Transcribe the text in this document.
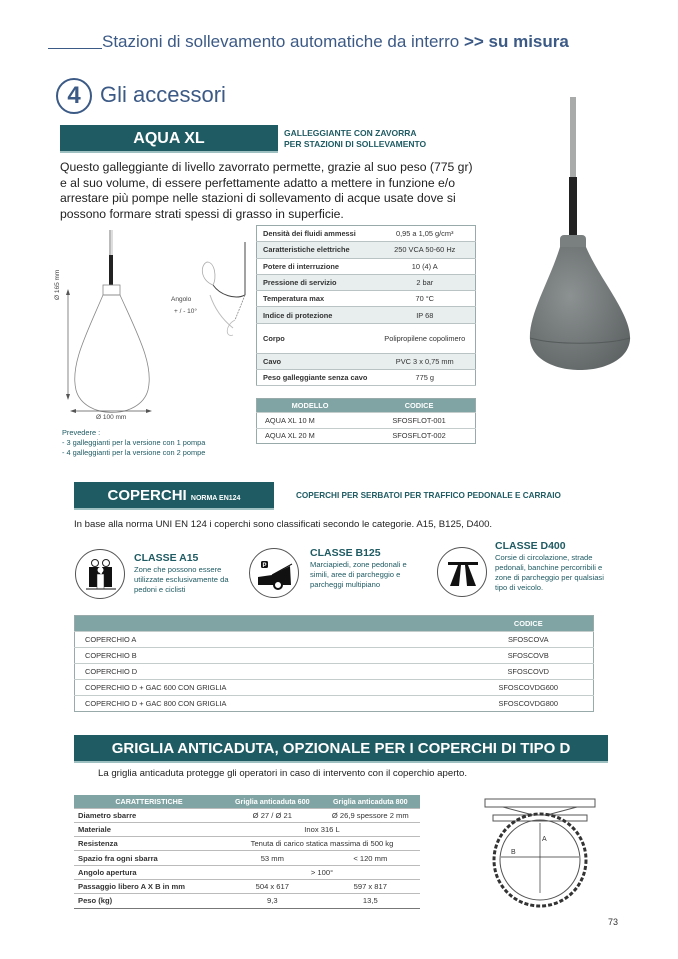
Stazioni di sollevamento automatiche da interro >> su misura
4 Gli accessori
AQUA XL	GALLEGGIANTE CON ZAVORRA
PER STAZIONI DI SOLLEVAMENTO
Questo galleggiante di livello zavorrato permette, grazie al suo peso (775 gr) e al suo volume, di essere perfettamente adatto a mettere in funzione e/o arrestare più pompe nelle stazioni di sollevamento di acque usate dove si possono formare strati spessi di grasso in superficie.
Ø 165 mm
Ø 100 mm
Angolo
+ / - 10°
Densità dei fluidi ammessi	0,95 a 1,05 g/cm³
Caratteristiche elettriche	250 VCA 50-60 Hz
Potere di interruzione	10 (4) A
Pressione di servizio	2 bar
Temperatura max	70 °C
Indice di protezione	IP 68
Corpo	Polipropilene copolimero
Cavo	PVC 3 x 0,75 mm
Peso galleggiante senza cavo	775 g
MODELLO	CODICE
AQUA XL 10 M	SFOSFLOT-001
AQUA XL 20 M	SFOSFLOT-002
Prevedere :
- 3 galleggianti per la versione con 1 pompa
- 4 galleggianti per la versione con 2 pompe
COPERCHI NORMA EN124	COPERCHI PER SERBATOI PER TRAFFICO PEDONALE E CARRAIO
In base alla norma UNI EN 124 i coperchi sono classificati secondo le categorie. A15, B125, D400.
CLASSE A15
Zone che possono essere utilizzate esclusivamente da pedoni e ciclisti
P
CLASSE B125
Marciapiedi, zone pedonali e simili, aree di parcheggio e parcheggi multipiano
CLASSE D400
Corsie di circolazione, strade pedonali, banchine percorribili e zone di parcheggio per qualsiasi tipo di veicolo.
	CODICE
COPERCHIO A	SFOSCOVA
COPERCHIO B	SFOSCOVB
COPERCHIO D	SFOSCOVD
COPERCHIO D + GAC 600 CON GRIGLIA	SFOSCOVDG600
COPERCHIO D + GAC 800 CON GRIGLIA	SFOSCOVDG800
GRIGLIA ANTICADUTA, OPZIONALE PER I COPERCHI DI TIPO D
La griglia anticaduta protegge gli operatori in caso di intervento con il coperchio aperto.
CARATTERISTICHE	Griglia anticaduta 600	Griglia anticaduta 800
Diametro sbarre	Ø 27 / Ø 21	Ø 26,9 spessore 2 mm
Materiale	Inox 316 L	
Resistenza	Tenuta di carico statica massima di 500 kg	
Spazio fra ogni sbarra	53 mm	< 120 mm
Angolo apertura	> 100°	
Passaggio libero A X B in mm	504 x 617	597 x 817
Peso (kg)	9,3	13,5
A
B
73
